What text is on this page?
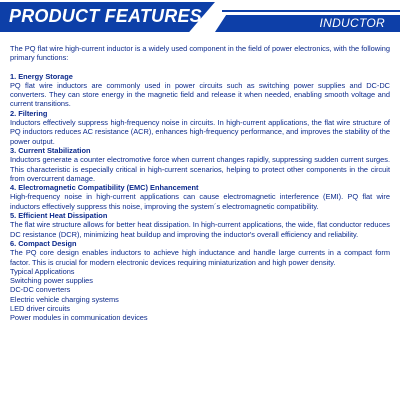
PRODUCT FEATURES	INDUCTOR

The PQ flat wire high-current inductor is a widely used component in the field of power electronics, with the following primary functions:

1. Energy Storage

PQ flat wire inductors are commonly used in power circuits such as switching power supplies and DC-DC converters. They can store energy in the magnetic field and release it when needed, enabling smooth voltage and current transitions.

2. Filtering

Inductors effectively suppress high-frequency noise in circuits. In high-current applications, the flat wire structure of PQ inductors reduces AC resistance (ACR), enhances high-frequency performance, and improves the stability of the power output.

3. Current Stabilization

Inductors generate a counter electromotive force when current changes rapidly, suppressing sudden current surges. This characteristic is especially critical in high-current scenarios, helping to protect other components in the circuit from overcurrent damage.

4. Electromagnetic Compatibility (EMC) Enhancement

High-frequency noise in high-current applications can cause electromagnetic interference (EMI). PQ flat wire inductors effectively suppress this noise, improving the system´s electromagnetic compatibility.

5. Efficient Heat Dissipation

The flat wire structure allows for better heat dissipation. In high-current applications, the wide, flat conductor reduces DC resistance (DCR), minimizing heat buildup and improving the inductor's overall efficiency and reliability.

6. Compact Design

The PQ core design enables inductors to achieve high inductance and handle large currents in a compact form factor. This is crucial for modern electronic devices requiring miniaturization and high power density.

Typical Applications

Switching power supplies

DC-DC converters

Electric vehicle charging systems

LED driver circuits

Power modules in communication devices
